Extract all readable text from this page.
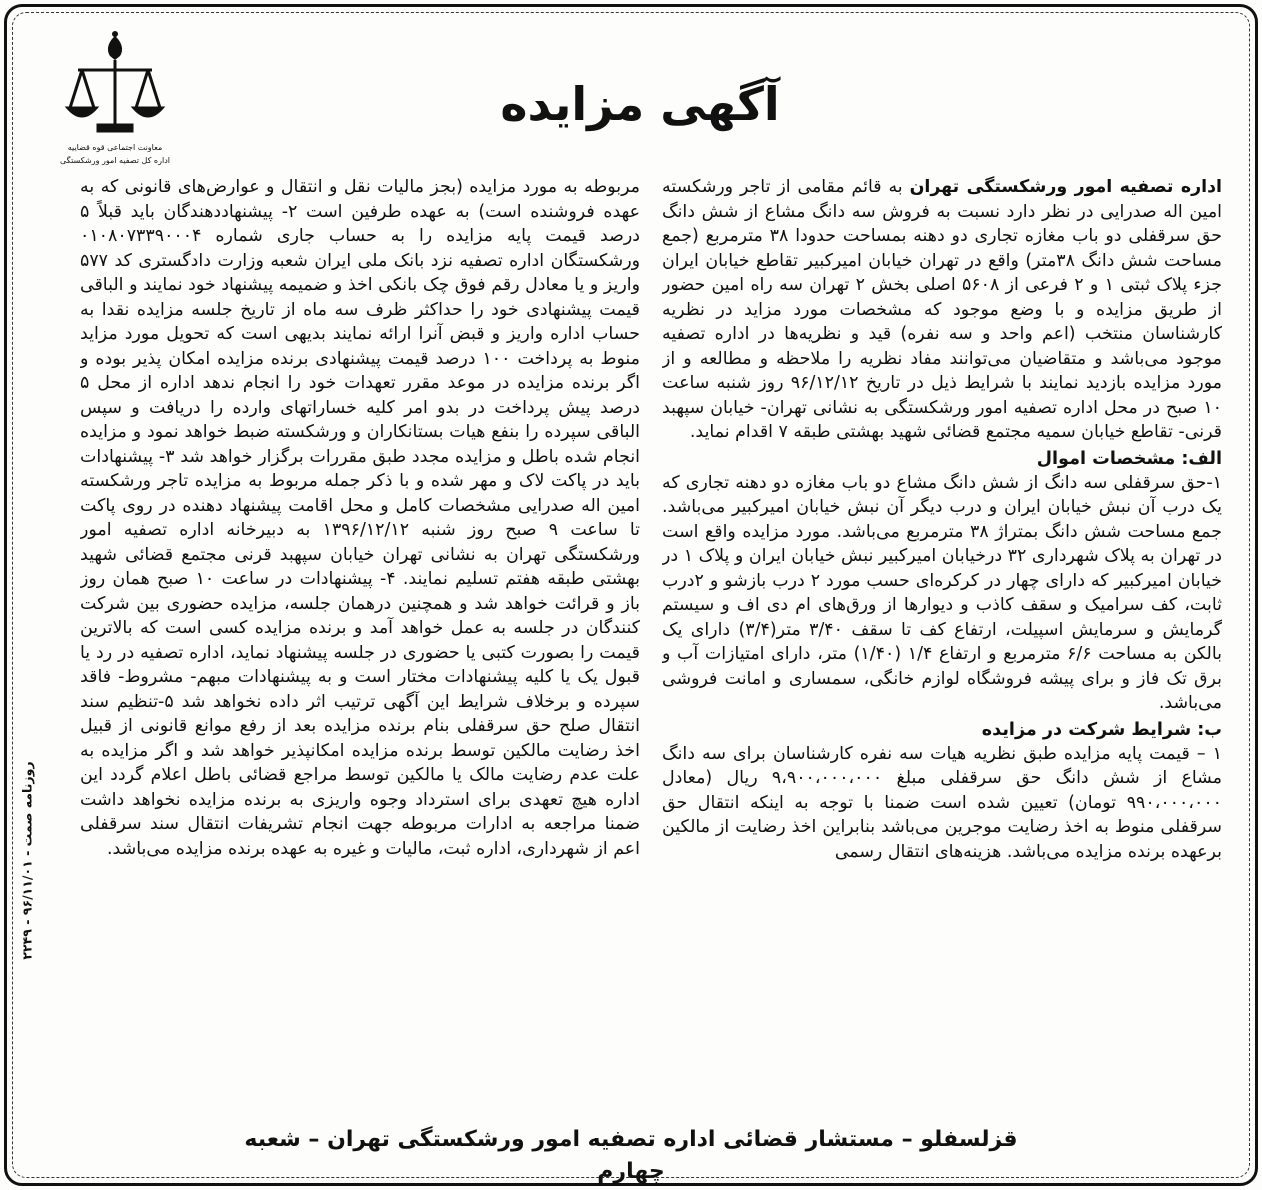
معاونت اجتماعی قوه قضاییه
اداره کل تصفیه امور ورشکستگی
آگهی مزایده

اداره تصفیه امور ورشکستگی تهران به قائم مقامی از تاجر ورشکسته امین اله صدرایی در نظر دارد نسبت به فروش سه دانگ مشاع از شش دانگ حق سرقفلی دو باب مغازه تجاری دو دهنه بمساحت حدودا ۳۸ مترمربع (جمع مساحت شش دانگ ۳۸متر) واقع در تهران خیابان امیرکبیر تقاطع خیابان ایران جزء پلاک ثبتی ۱ و ۲ فرعی از ۵۶۰۸ اصلی بخش ۲ تهران سه راه امین حضور از طریق مزایده و با وضع موجود که مشخصات مورد مزاید در نظریه کارشناسان منتخب (اعم واحد و سه نفره) قید و نظریه‌ها در اداره تصفیه موجود می‌باشد و متقاضیان می‌توانند مفاد نظریه را ملاحظه و مطالعه و از مورد مزایده بازدید نمایند با شرایط ذیل در تاریخ ۹۶/۱۲/۱۲ روز شنبه ساعت ۱۰ صبح در محل اداره تصفیه امور ورشکستگی به نشانی تهران- خیابان سپهبد قرنی- تقاطع خیابان سمیه مجتمع قضائی شهید بهشتی طبقه ۷ اقدام نماید.

الف: مشخصات اموال

۱-حق سرقفلی سه دانگ از شش دانگ مشاع دو باب مغازه دو دهنه تجاری که یک درب آن نبش خیابان ایران و درب دیگر آن نبش خیابان امیرکبیر می‌باشد. جمع مساحت شش دانگ بمتراژ ۳۸ مترمربع می‌باشد. مورد مزایده واقع است در تهران به پلاک شهرداری ۳۲ درخیابان امیرکبیر نبش خیابان ایران و پلاک ۱ در خیابان امیرکبیر که دارای چهار در کرکره‌ای حسب مورد ۲ درب بازشو و ۲درب ثابت، کف سرامیک و سقف کاذب و دیوارها از ورق‌های ام دی اف و سیستم گرمایش و سرمایش اسپیلت، ارتفاع کف تا سقف ۳/۴۰ متر(۳/۴) دارای یک بالکن به مساحت ۶/۶ مترمربع و ارتفاع ۱/۴ (۱/۴۰) متر، دارای امتیازات آب و برق تک فاز و برای پیشه فروشگاه لوازم خانگی، سمساری و امانت فروشی می‌باشد.

ب: شرایط شرکت در مزایده

۱ – قیمت پایه مزایده طبق نظریه هیات سه نفره کارشناسان برای سه دانگ مشاع از شش دانگ حق سرقفلی مبلغ ۹،۹۰۰،۰۰۰،۰۰۰ ریال (معادل ۹۹۰،۰۰۰،۰۰۰ تومان) تعیین شده است ضمنا با توجه به اینکه انتقال حق سرقفلی منوط به اخذ رضایت موجرین می‌باشد بنابراین اخذ رضایت از مالکین برعهده برنده مزایده می‌باشد. هزینه‌های انتقال رسمی

مربوطه به مورد مزایده (بجز مالیات نقل و انتقال و عوارض‌های قانونی که به عهده فروشنده است) به عهده طرفین است ۲- پیشنهاددهندگان باید قبلاً ۵ درصد قیمت پایه مزایده را به حساب جاری شماره ۰۱۰۸۰۷۳۳۹۰۰۰۴ ورشکستگان اداره تصفیه نزد بانک ملی ایران شعبه وزارت دادگستری کد ۵۷۷ واریز و یا معادل رقم فوق چک بانکی اخذ و ضمیمه پیشنهاد خود نمایند و الباقی قیمت پیشنهادی خود را حداکثر ظرف سه ماه از تاریخ جلسه مزایده نقدا به حساب اداره واریز و قبض آنرا ارائه نمایند بدیهی است که تحویل مورد مزاید منوط به پرداخت ۱۰۰ درصد قیمت پیشنهادی برنده مزایده امکان پذیر بوده و اگر برنده مزایده در موعد مقرر تعهدات خود را انجام ندهد اداره از محل ۵ درصد پیش پرداخت در بدو امر کلیه خساراتهای وارده را دریافت و سپس الباقی سپرده را بنفع هیات بستانکاران و ورشکسته ضبط خواهد نمود و مزایده انجام شده باطل و مزایده مجدد طبق مقررات برگزار خواهد شد ۳- پیشنهادات باید در پاکت لاک و مهر شده و با ذکر جمله مربوط به مزایده تاجر ورشکسته امین اله صدرایی مشخصات کامل و محل اقامت پیشنهاد دهنده در روی پاکت تا ساعت ۹ صبح روز شنبه ۱۳۹۶/۱۲/۱۲ به دبیرخانه اداره تصفیه امور ورشکستگی تهران به نشانی تهران خیابان سپهبد قرنی مجتمع قضائی شهید بهشتی طبقه هفتم تسلیم نمایند. ۴- پیشنهادات در ساعت ۱۰ صبح همان روز باز و قرائت خواهد شد و همچنین درهمان جلسه، مزایده حضوری بین شرکت کنندگان در جلسه به عمل خواهد آمد و برنده مزایده کسی است که بالاترین قیمت را بصورت کتبی یا حضوری در جلسه پیشنهاد نماید، اداره تصفیه در رد یا قبول یک یا کلیه پیشنهادات مختار است و به پیشنهادات مبهم- مشروط- فاقد سپرده و برخلاف شرایط این آگهی ترتیب اثر داده نخواهد شد ۵-تنظیم سند انتقال صلح حق سرقفلی بنام برنده مزایده بعد از رفع موانع قانونی از قبیل اخذ رضایت مالکین توسط برنده مزایده امکانپذیر خواهد شد و اگر مزایده به علت عدم رضایت مالک یا مالکین توسط مراجع قضائی باطل اعلام گردد این اداره هیچ تعهدی برای استرداد وجوه واریزی به برنده مزایده نخواهد داشت ضمنا مراجعه به ادارات مربوطه جهت انجام تشریفات انتقال سند سرقفلی اعم از شهرداری، اداره ثبت، مالیات و غیره به عهده برنده مزایده می‌باشد.

روزنامه صمت - ۹۶/۱۱/۰۱ - ۲۲۴۹
قزلسفلو – مستشار قضائی اداره تصفیه امور ورشکستگی تهران – شعبه چهارم
